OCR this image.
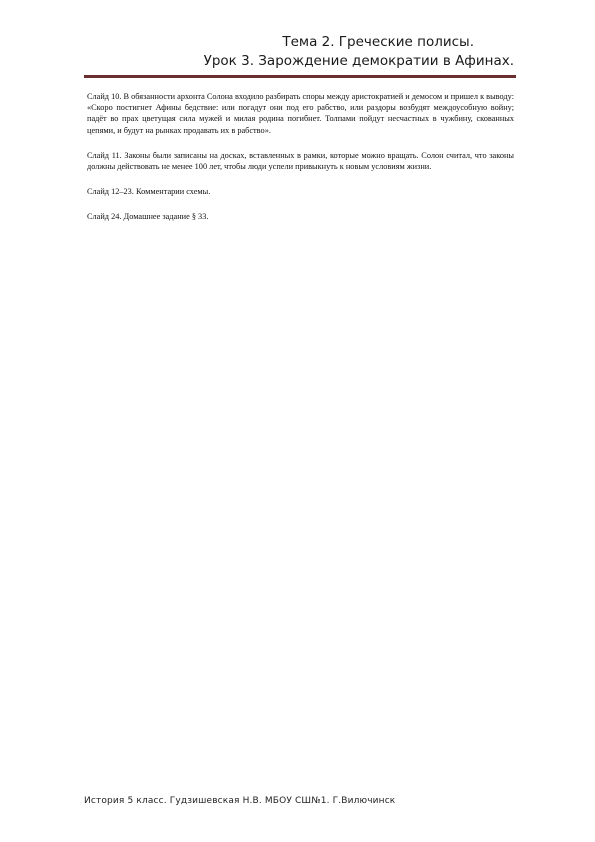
Тема 2. Греческие полисы.
Урок 3. Зарождение демократии в Афинах.

Слайд 10. В обязанности архонта Солона входило разбирать споры между аристократией и демосом и пришел к выводу: «Скоро постигнет Афины бедствие: или погадут они под его рабство, или раздоры возбудят междоусобную войну; падёт во прах цветущая сила мужей и милая родина погибнет. Толпами пойдут несчастных в чужбину, скованных цепями, и будут на рынках продавать их в рабство».

Слайд 11. Законы были записаны на досках, вставленных в рамки, которые можно вращать. Солон считал, что законы должны действовать не менее 100 лет, чтобы люди успели привыкнуть к новым условиям жизни.

Слайд 12–23. Комментарии схемы.

Слайд 24. Домашнее задание § 33.

История 5 класс. Гудзишевская Н.В. МБОУ СШ№1. Г.Вилючинск
